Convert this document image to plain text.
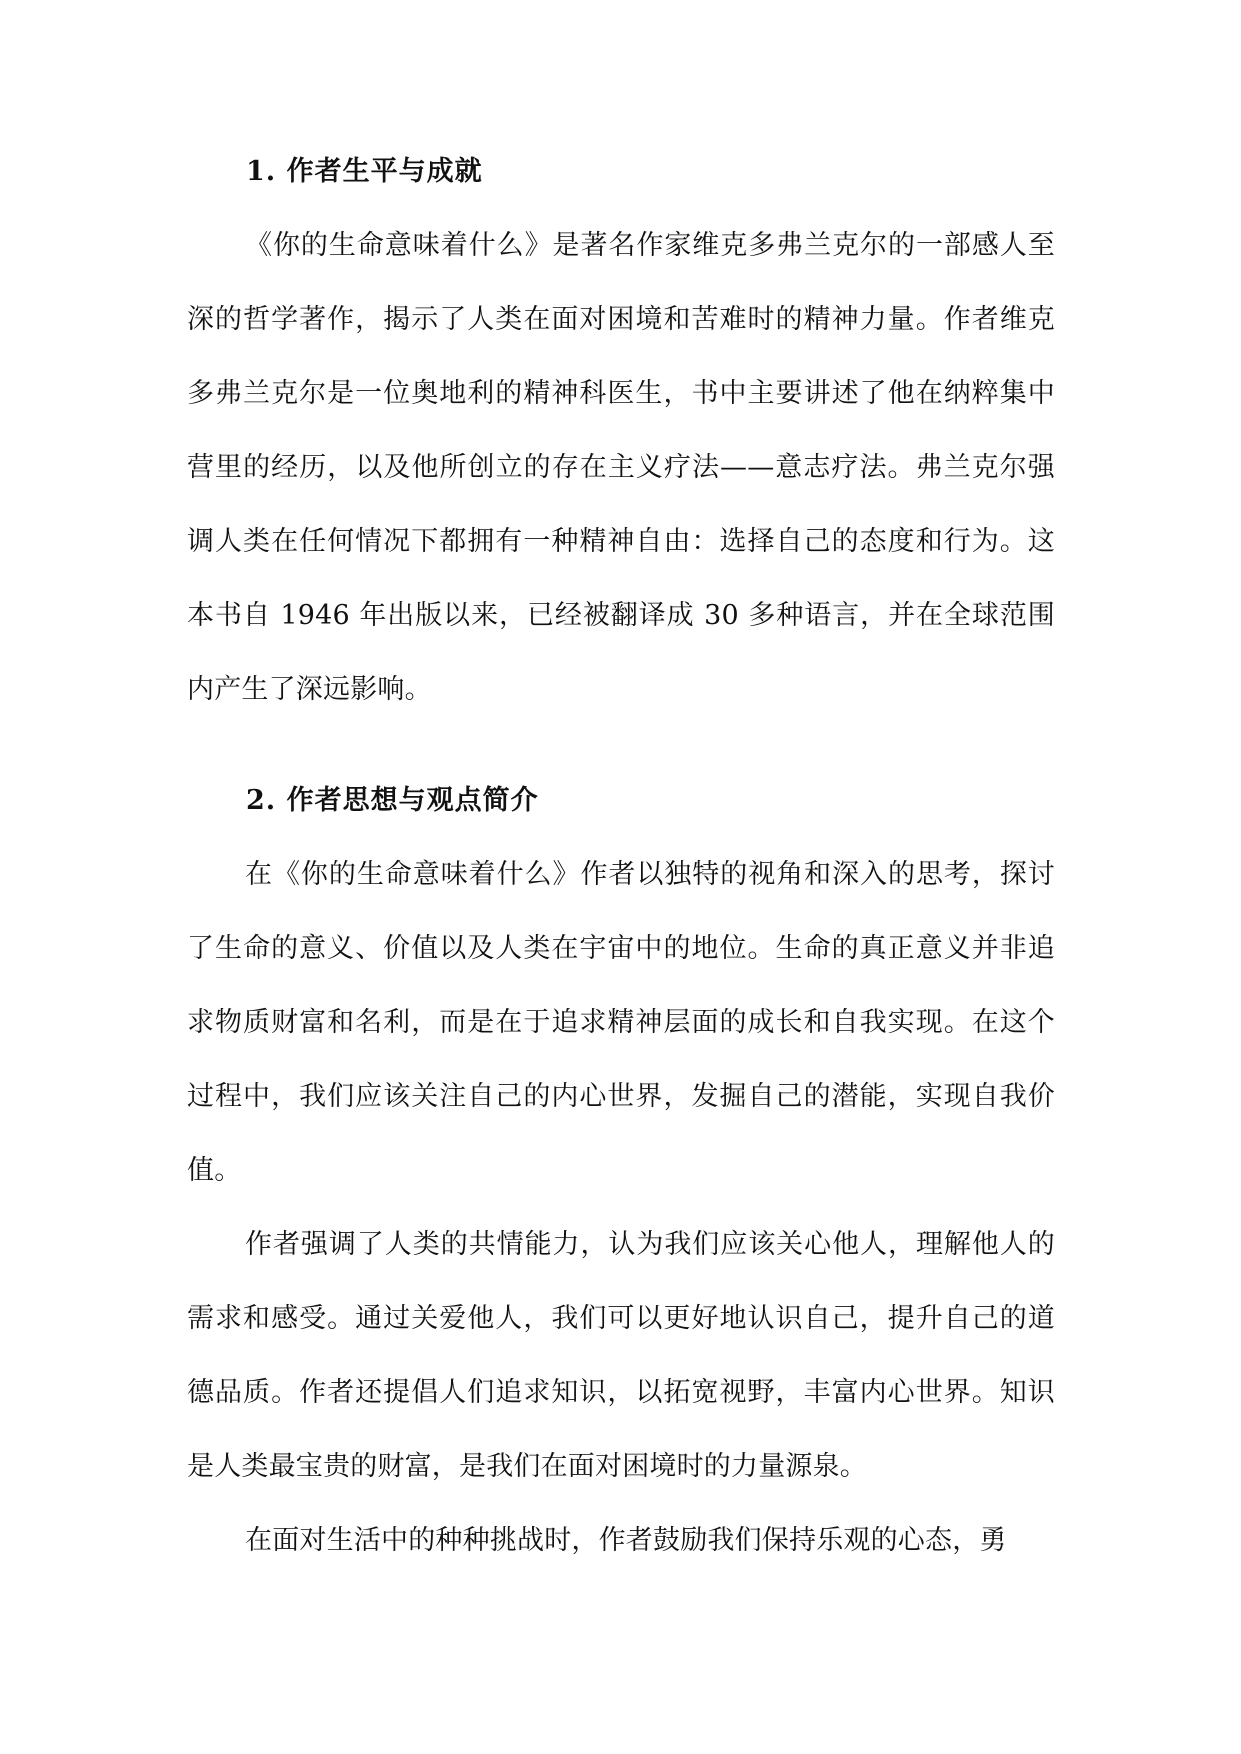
1. 作者生平与成就

《你的生命意味着什么》是著名作家维克多弗兰克尔的一部感人至深的哲学著作，揭示了人类在面对困境和苦难时的精神力量。作者维克多弗兰克尔是一位奥地利的精神科医生，书中主要讲述了他在纳粹集中营里的经历，以及他所创立的存在主义疗法——意志疗法。弗兰克尔强调人类在任何情况下都拥有一种精神自由：选择自己的态度和行为。这本书自 1946 年出版以来，已经被翻译成 30 多种语言，并在全球范围内产生了深远影响。

2. 作者思想与观点简介

在《你的生命意味着什么》作者以独特的视角和深入的思考，探讨了生命的意义、价值以及人类在宇宙中的地位。生命的真正意义并非追求物质财富和名利，而是在于追求精神层面的成长和自我实现。在这个过程中，我们应该关注自己的内心世界，发掘自己的潜能，实现自我价值。

作者强调了人类的共情能力，认为我们应该关心他人，理解他人的需求和感受。通过关爱他人，我们可以更好地认识自己，提升自己的道德品质。作者还提倡人们追求知识，以拓宽视野，丰富内心世界。知识是人类最宝贵的财富，是我们在面对困境时的力量源泉。

在面对生活中的种种挑战时，作者鼓励我们保持乐观的心态，勇
